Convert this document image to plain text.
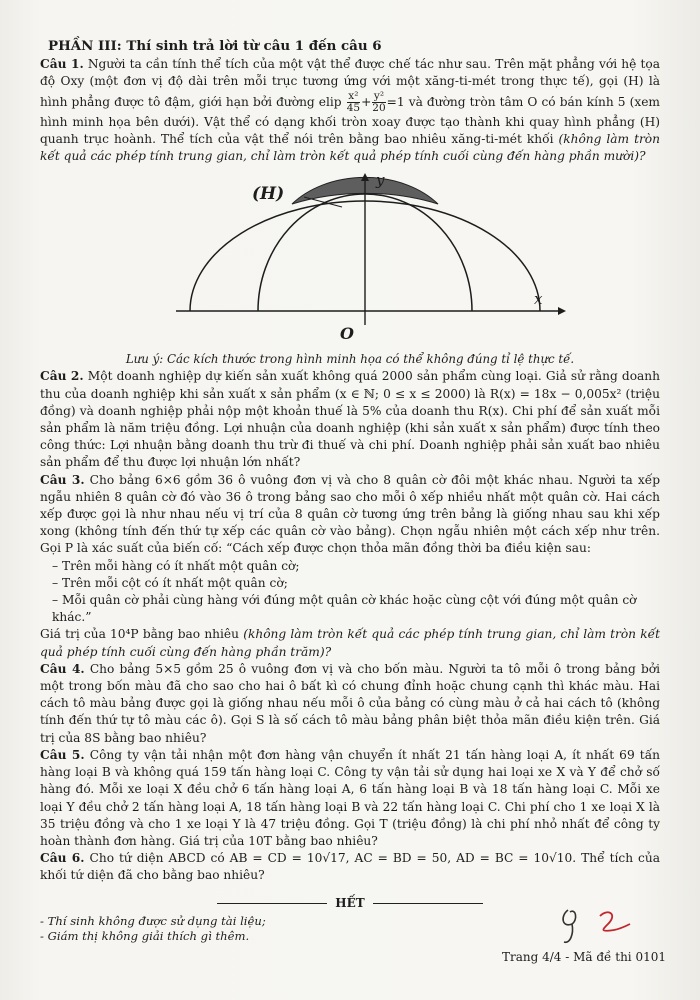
PHẦN III: Thí sinh trả lời từ câu 1 đến câu 6

Câu 1. Người ta cần tính thể tích của một vật thể được chế tác như sau. Trên mặt phẳng với hệ tọa độ Oxy (một đơn vị độ dài trên mỗi trục tương ứng với một xăng-ti-mét trong thực tế), gọi (H) là hình phẳng được tô đậm, giới hạn bởi đường elip $\frac{\text{x²}}{45} + \frac{\text{y²}}{20} =1$ và đường tròn tâm O có bán kính 5 (xem hình minh họa bên dưới). Vật thể có dạng khối tròn xoay được tạo thành khi quay hình phẳng (H) quanh trục hoành. Thể tích của vật thể nói trên bằng bao nhiêu xăng-ti-mét khối (không làm tròn kết quả các phép tính trung gian, chỉ làm tròn kết quả phép tính cuối cùng đến hàng phần mười)?

(H)
y
x
O
Lưu ý: Các kích thước trong hình minh họa có thể không đúng tỉ lệ thực tế.

Câu 2. Một doanh nghiệp dự kiến sản xuất không quá 2000 sản phẩm cùng loại. Giả sử rằng doanh thu của doanh nghiệp khi sản xuất x sản phẩm (x ∈ ℕ; 0 ≤ x ≤ 2000) là R(x) = 18x − 0,005x² (triệu đồng) và doanh nghiệp phải nộp một khoản thuế là 5% của doanh thu R(x). Chi phí để sản xuất mỗi sản phẩm là năm triệu đồng. Lợi nhuận của doanh nghiệp (khi sản xuất x sản phẩm) được tính theo công thức: Lợi nhuận bằng doanh thu trừ đi thuế và chi phí. Doanh nghiệp phải sản xuất bao nhiêu sản phẩm để thu được lợi nhuận lớn nhất?

Câu 3. Cho bảng 6×6 gồm 36 ô vuông đơn vị và cho 8 quân cờ đôi một khác nhau. Người ta xếp ngẫu nhiên 8 quân cờ đó vào 36 ô trong bảng sao cho mỗi ô xếp nhiều nhất một quân cờ. Hai cách xếp được gọi là như nhau nếu vị trí của 8 quân cờ tương ứng trên bảng là giống nhau sau khi xếp xong (không tính đến thứ tự xếp các quân cờ vào bảng). Chọn ngẫu nhiên một cách xếp như trên. Gọi P là xác suất của biến cố: “Cách xếp được chọn thỏa mãn đồng thời ba điều kiện sau:

– Trên mỗi hàng có ít nhất một quân cờ;
– Trên mỗi cột có ít nhất một quân cờ;
– Mỗi quân cờ phải cùng hàng với đúng một quân cờ khác hoặc cùng cột với đúng một quân cờ khác.”

Giá trị của 10⁴P bằng bao nhiêu (không làm tròn kết quả các phép tính trung gian, chỉ làm tròn kết quả phép tính cuối cùng đến hàng phần trăm)?

Câu 4. Cho bảng 5×5 gồm 25 ô vuông đơn vị và cho bốn màu. Người ta tô mỗi ô trong bảng bởi một trong bốn màu đã cho sao cho hai ô bất kì có chung đỉnh hoặc chung cạnh thì khác màu. Hai cách tô màu bảng được gọi là giống nhau nếu mỗi ô của bảng có cùng màu ở cả hai cách tô (không tính đến thứ tự tô màu các ô). Gọi S là số cách tô màu bảng phân biệt thỏa mãn điều kiện trên. Giá trị của 8S bằng bao nhiêu?

Câu 5. Công ty vận tải nhận một đơn hàng vận chuyển ít nhất 21 tấn hàng loại A, ít nhất 69 tấn hàng loại B và không quá 159 tấn hàng loại C. Công ty vận tải sử dụng hai loại xe X và Y để chở số hàng đó. Mỗi xe loại X đều chở 6 tấn hàng loại A, 6 tấn hàng loại B và 18 tấn hàng loại C. Mỗi xe loại Y đều chở 2 tấn hàng loại A, 18 tấn hàng loại B và 22 tấn hàng loại C. Chi phí cho 1 xe loại X là 35 triệu đồng và cho 1 xe loại Y là 47 triệu đồng. Gọi T (triệu đồng) là chi phí nhỏ nhất để công ty hoàn thành đơn hàng. Giá trị của 10T bằng bao nhiêu?

Câu 6. Cho tứ diện ABCD có AB = CD = 10√17, AC = BD = 50, AD = BC = 10√10. Thể tích của khối tứ diện đã cho bằng bao nhiêu?

HẾT
- Thí sinh không được sử dụng tài liệu;
- Giám thị không giải thích gì thêm.
Trang 4/4 - Mã đề thi 0101
